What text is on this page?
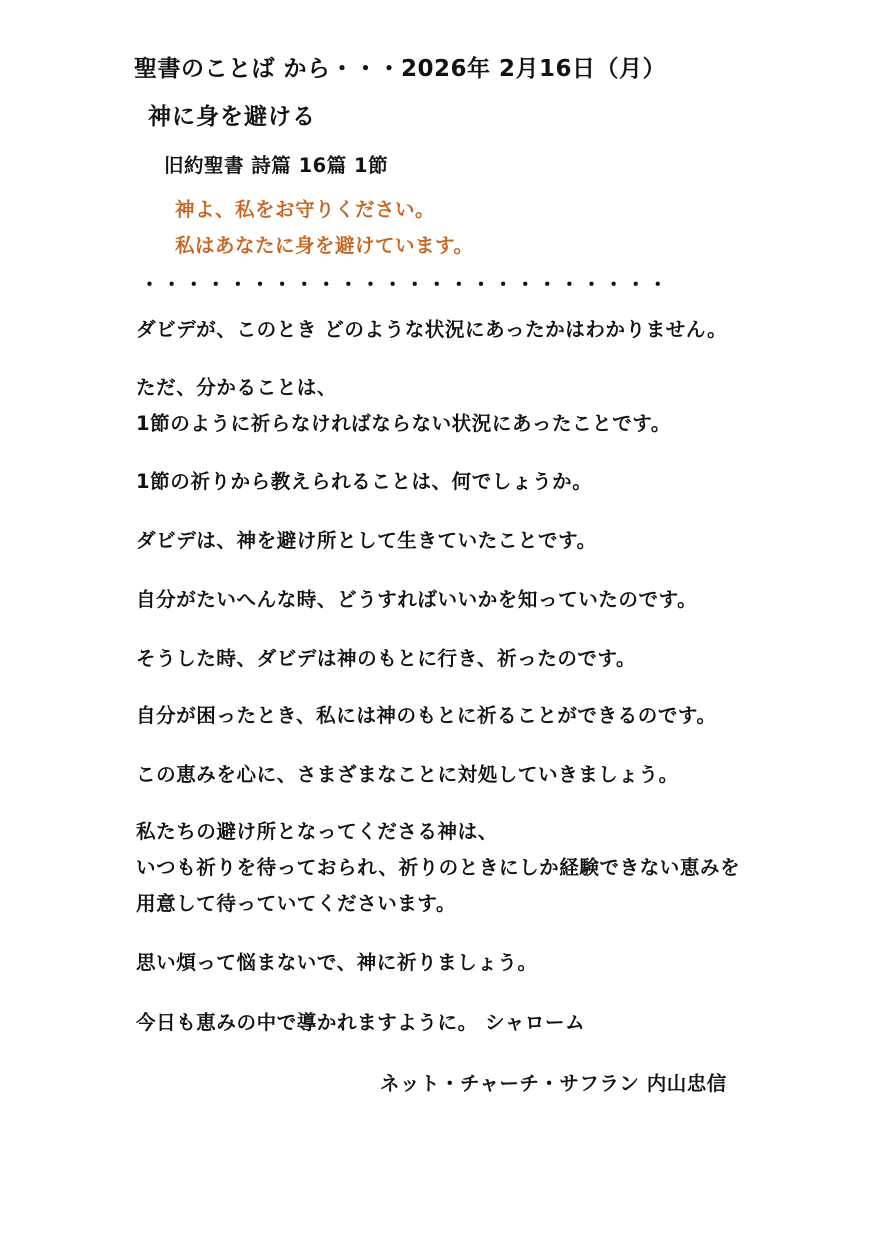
聖書のことば から・・・2026年 2月16日（月）
神に身を避ける
旧約聖書 詩篇 16篇 1節
神よ、私をお守りください。
私はあなたに身を避けています。
・・・・・・・・・・・・・・・・・・・・・・・・
ダビデが、このとき どのような状況にあったかはわかりません。
ただ、分かることは、
1節のように祈らなければならない状況にあったことです。
1節の祈りから教えられることは、何でしょうか。
ダビデは、神を避け所として生きていたことです。
自分がたいへんな時、どうすればいいかを知っていたのです。
そうした時、ダビデは神のもとに行き、祈ったのです。
自分が困ったとき、私には神のもとに祈ることができるのです。
この恵みを心に、さまざまなことに対処していきましょう。
私たちの避け所となってくださる神は、
いつも祈りを待っておられ、祈りのときにしか経験できない恵みを
用意して待っていてくださいます。
思い煩って悩まないで、神に祈りましょう。
今日も恵みの中で導かれますように。 シャローム
ネット・チャーチ・サフラン 内山忠信
